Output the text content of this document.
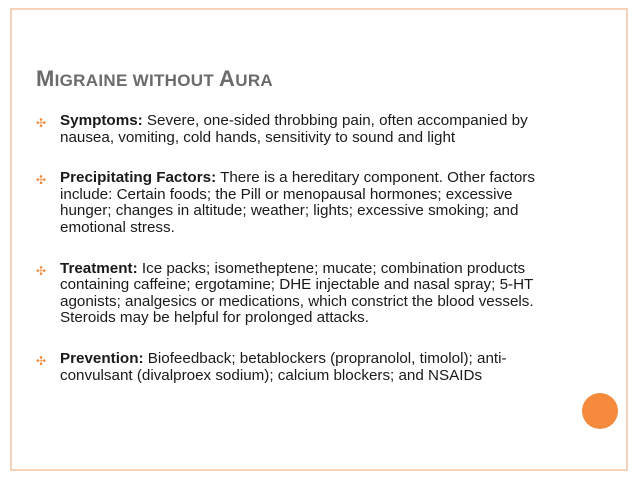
MIGRAINE WITHOUT AURA
✣ Symptoms: Severe, one-sided throbbing pain, often accompanied by nausea, vomiting, cold hands, sensitivity to sound and light
✣ Precipitating Factors: There is a hereditary component. Other factors include: Certain foods; the Pill or menopausal hormones; excessive hunger; changes in altitude; weather; lights; excessive smoking; and emotional stress.
✣ Treatment: Ice packs; isometheptene; mucate; combination products containing caffeine; ergotamine; DHE injectable and nasal spray; 5-HT agonists; analgesics or medications, which constrict the blood vessels. Steroids may be helpful for prolonged attacks.
✣ Prevention: Biofeedback; betablockers (propranolol, timolol); anti-convulsant (divalproex sodium); calcium blockers; and NSAIDs
